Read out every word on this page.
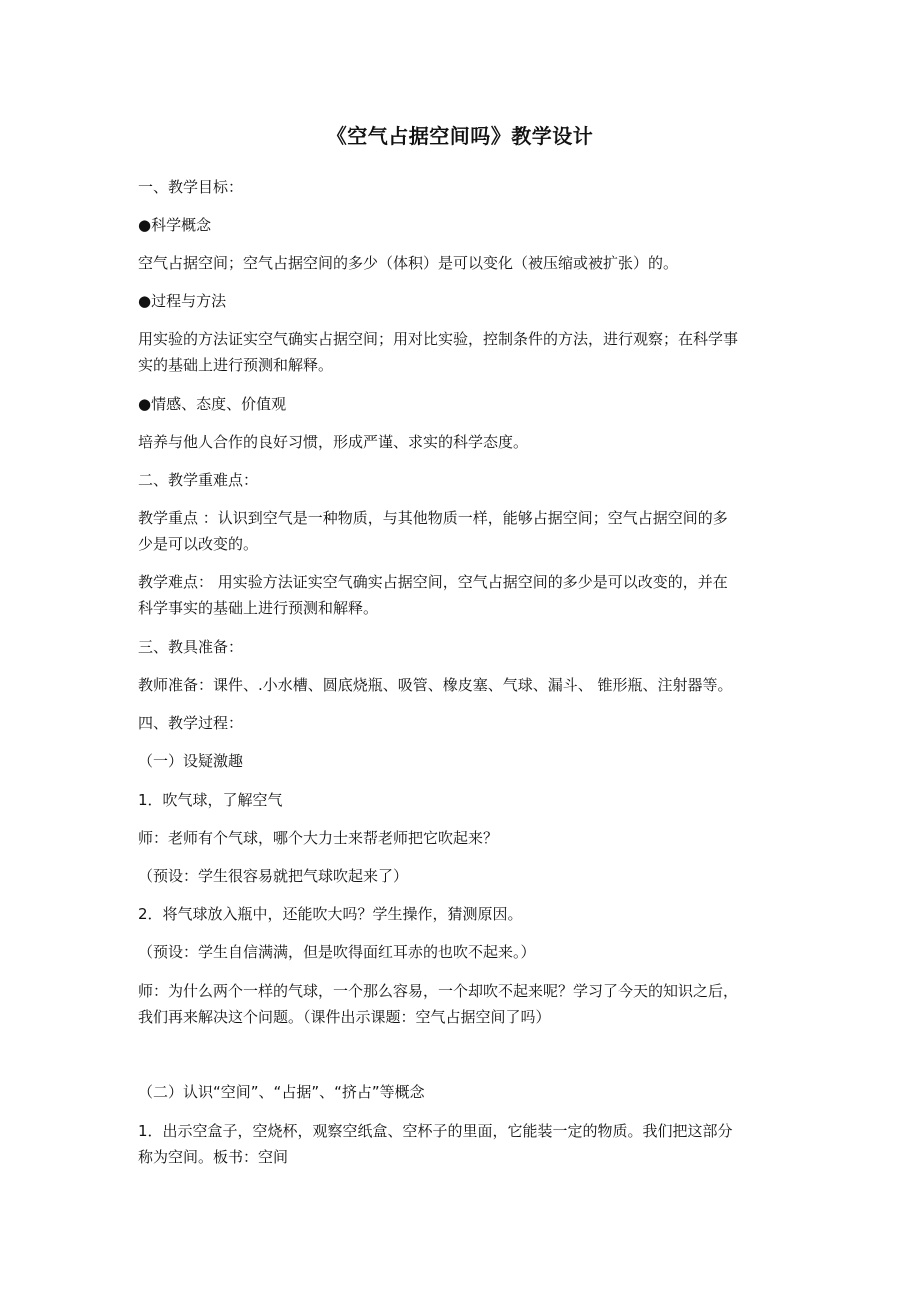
《空气占据空间吗》教学设计
一、教学目标：
●科学概念
空气占据空间；空气占据空间的多少（体积）是可以变化（被压缩或被扩张）的。
●过程与方法
用实验的方法证实空气确实占据空间；用对比实验，控制条件的方法，进行观察；在科学事
实的基础上进行预测和解释。
●情感、态度、价值观
培养与他人合作的良好习惯，形成严谨、求实的科学态度。
二、教学重难点：
教学重点 ：认识到空气是一种物质，与其他物质一样，能够占据空间；空气占据空间的多
少是可以改变的。
教学难点： 用实验方法证实空气确实占据空间，空气占据空间的多少是可以改变的，并在
科学事实的基础上进行预测和解释。
三、教具准备：
教师准备：课件、.小水槽、圆底烧瓶、吸管、橡皮塞、气球、漏斗、 锥形瓶、注射器等。
四、教学过程：
（一）设疑激趣
1．吹气球，了解空气
师：老师有个气球，哪个大力士来帮老师把它吹起来？
（预设：学生很容易就把气球吹起来了）
2．将气球放入瓶中，还能吹大吗？学生操作，猜测原因。
（预设：学生自信满满，但是吹得面红耳赤的也吹不起来。）
师：为什么两个一样的气球，一个那么容易，一个却吹不起来呢？学习了今天的知识之后，
我们再来解决这个问题。（课件出示课题：空气占据空间了吗）
（二）认识“空间”、“占据”、“挤占”等概念
1．出示空盒子，空烧杯，观察空纸盒、空杯子的里面，它能装一定的物质。我们把这部分
称为空间。板书：空间
